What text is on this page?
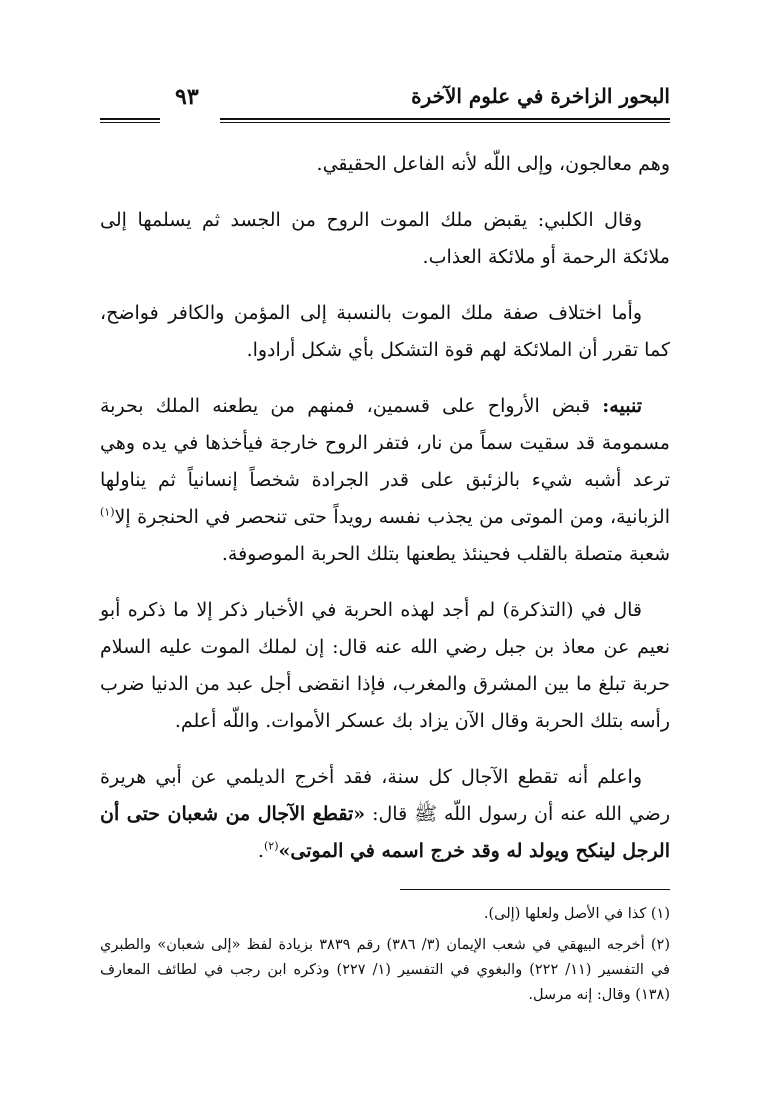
البحور الزاخرة في علوم الآخرة
٩٣

وهم معالجون، وإلى اللّه لأنه الفاعل الحقيقي.

وقال الكلبي: يقبض ملك الموت الروح من الجسد ثم يسلمها إلى ملائكة الرحمة أو ملائكة العذاب.

وأما اختلاف صفة ملك الموت بالنسبة إلى المؤمن والكافر فواضح، كما تقرر أن الملائكة لهم قوة التشكل بأي شكل أرادوا.

تنبيه: قبض الأرواح على قسمين، فمنهم من يطعنه الملك بحربة مسمومة قد سقيت سماً من نار، فتفر الروح خارجة فيأخذها في يده وهي ترعد أشبه شيء بالزئبق على قدر الجرادة شخصاً إنسانياً ثم يناولها الزبانية، ومن الموتى من يجذب نفسه رويداً حتى تنحصر في الحنجرة إلا$^{(١)}$ شعبة متصلة بالقلب فحينئذ يطعنها بتلك الحربة الموصوفة.

قال في (التذكرة) لم أجد لهذه الحربة في الأخبار ذكر إلا ما ذكره أبو نعيم عن معاذ بن جبل رضي الله عنه قال: إن لملك الموت عليه السلام حربة تبلغ ما بين المشرق والمغرب، فإذا انقضى أجل عبد من الدنيا ضرب رأسه بتلك الحربة وقال الآن يزاد بك عسكر الأموات. واللّه أعلم.

واعلم أنه تقطع الآجال كل سنة، فقد أخرج الديلمي عن أبي هريرة رضي الله عنه أن رسول اللّه ﷺ قال: «تقطع الآجال من شعبان حتى أن الرجل لينكح ويولد له وقد خرج اسمه في الموتى»$^{(٢)}$.

(١) كذا في الأصل ولعلها (إلى).

(٢) أخرجه البيهقي في شعب الإيمان (٣/ ٣٨٦) رقم ٣٨٣٩ بزيادة لفظ «إلى شعبان» والطبري في التفسير (١١/ ٢٢٢) والبغوي في التفسير (١/ ٢٢٧) وذكره ابن رجب في لطائف المعارف (١٣٨) وقال: إنه مرسل.
